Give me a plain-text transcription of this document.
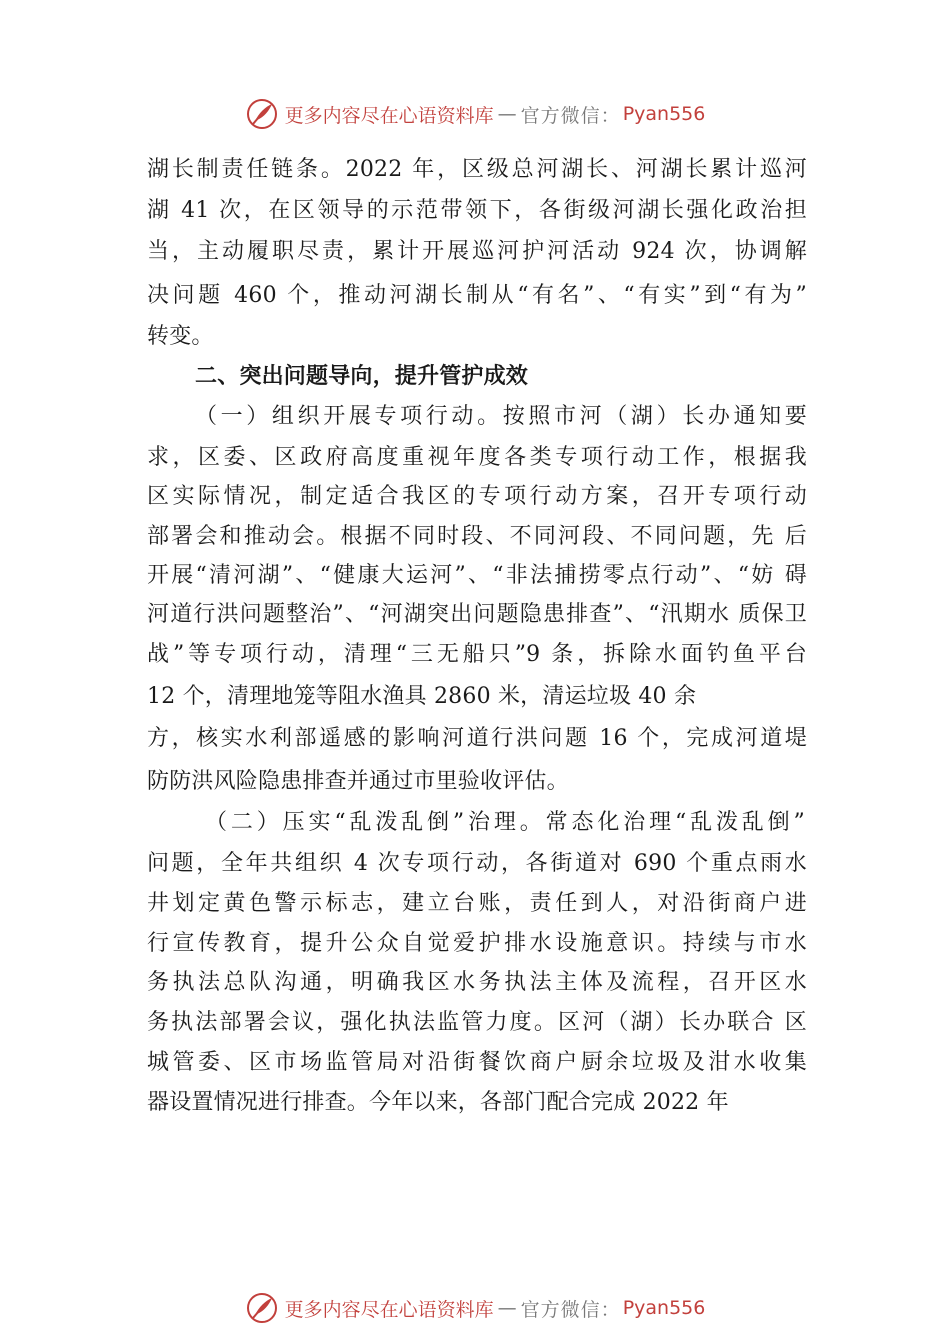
更多内容尽在心语资料库 — 官方微信： Pyan556
湖长制责任链条。2022 年，区级总河湖长、河湖长累计巡河
湖 41 次，在区领导的示范带领下，各街级河湖长强化政治担
当，主动履职尽责，累计开展巡河护河活动 924 次，协调解
决问题 460 个，推动河湖长制从“有名”、“有实”到“有为”
转变。
二、突出问题导向，提升管护成效
（一）组织开展专项行动。按照市河（湖）长办通知要
求，区委、区政府高度重视年度各类专项行动工作，根据我
区实际情况，制定适合我区的专项行动方案，召开专项行动
部署会和推动会。根据不同时段、不同河段、不同问题，先 后
开展“清河湖”、“健康大运河”、“非法捕捞零点行动”、“妨 碍
河道行洪问题整治”、“河湖突出问题隐患排查”、“汛期水 质保卫
战”等专项行动，清理“三无船只”9 条，拆除水面钓鱼平台
12 个，清理地笼等阻水渔具 2860 米，清运垃圾 40 余
方，核实水利部遥感的影响河道行洪问题 16 个，完成河道堤
防防洪风险隐患排查并通过市里验收评估。
（二）压实“乱泼乱倒”治理。常态化治理“乱泼乱倒”
问题，全年共组织 4 次专项行动，各街道对 690 个重点雨水
井划定黄色警示标志，建立台账，责任到人，对沿街商户进
行宣传教育，提升公众自觉爱护排水设施意识。持续与市水
务执法总队沟通，明确我区水务执法主体及流程，召开区水
务执法部署会议，强化执法监管力度。区河（湖）长办联合 区
城管委、区市场监管局对沿街餐饮商户厨余垃圾及泔水收集
器设置情况进行排查。今年以来，各部门配合完成 2022 年
更多内容尽在心语资料库 — 官方微信： Pyan556
